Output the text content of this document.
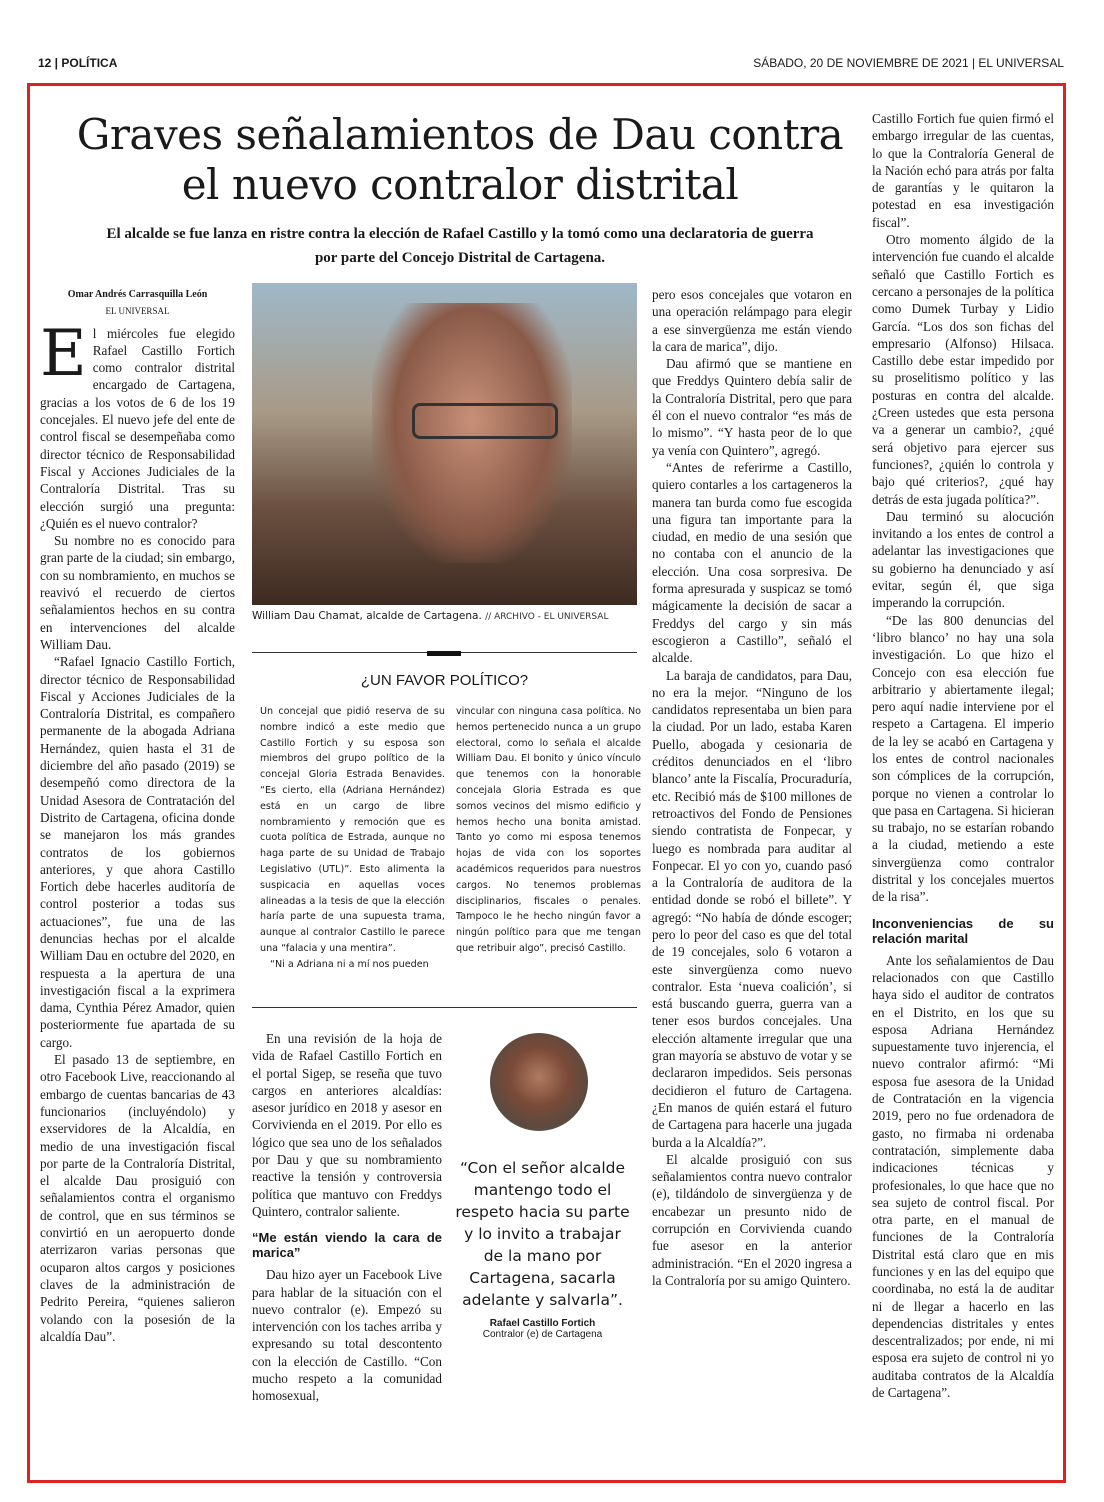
12 | POLÍTICA	SÁBADO, 20 DE NOVIEMBRE DE 2021 | EL UNIVERSAL
Graves señalamientos de Dau contra el nuevo contralor distrital
El alcalde se fue lanza en ristre contra la elección de Rafael Castillo y la tomó como una declaratoria de guerra por parte del Concejo Distrital de Cartagena.
Omar Andrés Carrasquilla León
EL UNIVERSAL
E l miércoles fue elegido Rafael Castillo Fortich como contralor distrital encargado de Cartagena, gracias a los votos de 6 de los 19 concejales. El nuevo jefe del ente de control fiscal se desempeñaba como director técnico de Responsabilidad Fiscal y Acciones Judiciales de la Contraloría Distrital. Tras su elección surgió una pregunta: ¿Quién es el nuevo contralor?

Su nombre no es conocido para gran parte de la ciudad; sin embargo, con su nombramiento, en muchos se reavivó el recuerdo de ciertos señalamientos hechos en su contra en intervenciones del alcalde William Dau.

“Rafael Ignacio Castillo Fortich, director técnico de Responsabilidad Fiscal y Acciones Judiciales de la Contraloría Distrital, es compañero permanente de la abogada Adriana Hernández, quien hasta el 31 de diciembre del año pasado (2019) se desempeñó como directora de la Unidad Asesora de Contratación del Distrito de Cartagena, oficina donde se manejaron los más grandes contratos de los gobiernos anteriores, y que ahora Castillo Fortich debe hacerles auditoría de control posterior a todas sus actuaciones”, fue una de las denuncias hechas por el alcalde William Dau en octubre del 2020, en respuesta a la apertura de una investigación fiscal a la exprimera dama, Cynthia Pérez Amador, quien posteriormente fue apartada de su cargo.

El pasado 13 de septiembre, en otro Facebook Live, reaccionando al embargo de cuentas bancarias de 43 funcionarios (incluyéndolo) y exservidores de la Alcaldía, en medio de una investigación fiscal por parte de la Contraloría Distrital, el alcalde Dau prosiguió con señalamientos contra el organismo de control, que en sus términos se convirtió en un aeropuerto donde aterrizaron varias personas que ocuparon altos cargos y posiciones claves de la administración de Pedrito Pereira, “quienes salieron volando con la posesión de la alcaldía Dau”.

William Dau Chamat, alcalde de Cartagena. // ARCHIVO - EL UNIVERSAL
¿UN FAVOR POLÍTICO?

Un concejal que pidió reserva de su nombre indicó a este medio que Castillo Fortich y su esposa son miembros del grupo político de la concejal Gloria Estrada Benavides. “Es cierto, ella (Adriana Hernández) está en un cargo de libre nombramiento y remoción que es cuota política de Estrada, aunque no haga parte de su Unidad de Trabajo Legislativo (UTL)”. Esto alimenta la suspicacia en aquellas voces alineadas a la tesis de que la elección haría parte de una supuesta trama, aunque al contralor Castillo le parece una “falacia y una mentira”.

“Ni a Adriana ni a mí nos pueden

vincular con ninguna casa política. No hemos pertenecido nunca a un grupo electoral, como lo señala el alcalde William Dau. El bonito y único vínculo que tenemos con la honorable concejala Gloria Estrada es que somos vecinos del mismo edificio y hemos hecho una bonita amistad. Tanto yo como mi esposa tenemos hojas de vida con los soportes académicos requeridos para nuestros cargos. No tenemos problemas disciplinarios, fiscales o penales. Tampoco le he hecho ningún favor a ningún político para que me tengan que retribuir algo”, precisó Castillo.

En una revisión de la hoja de vida de Rafael Castillo Fortich en el portal Sigep, se reseña que tuvo cargos en anteriores alcaldías: asesor jurídico en 2018 y asesor en Corvivienda en el 2019. Por ello es lógico que sea uno de los señalados por Dau y que su nombramiento reactive la tensión y controversia política que mantuvo con Freddys Quintero, contralor saliente.

“Me están viendo la cara de marica”

Dau hizo ayer un Facebook Live para hablar de la situación con el nuevo contralor (e). Empezó su intervención con los taches arriba y expresando su total descontento con la elección de Castillo. “Con mucho respeto a la comunidad homosexual,

“Con el señor alcalde mantengo todo el respeto hacia su parte y lo invito a trabajar de la mano por Cartagena, sacarla adelante y salvarla”.
Rafael Castillo Fortich
Contralor (e) de Cartagena

pero esos concejales que votaron en una operación relámpago para elegir a ese sinvergüenza me están viendo la cara de marica”, dijo.

Dau afirmó que se mantiene en que Freddys Quintero debía salir de la Contraloría Distrital, pero que para él con el nuevo contralor “es más de lo mismo”. “Y hasta peor de lo que ya venía con Quintero”, agregó.

“Antes de referirme a Castillo, quiero contarles a los cartageneros la manera tan burda como fue escogida una figura tan importante para la ciudad, en medio de una sesión que no contaba con el anuncio de la elección. Una cosa sorpresiva. De forma apresurada y suspicaz se tomó mágicamente la decisión de sacar a Freddys del cargo y sin más escogieron a Castillo”, señaló el alcalde.

La baraja de candidatos, para Dau, no era la mejor. “Ninguno de los candidatos representaba un bien para la ciudad. Por un lado, estaba Karen Puello, abogada y cesionaria de créditos denunciados en el ‘libro blanco’ ante la Fiscalía, Procuraduría, etc. Recibió más de $100 millones de retroactivos del Fondo de Pensiones siendo contratista de Fonpecar, y luego es nombrada para auditar al Fonpecar. El yo con yo, cuando pasó a la Contraloría de auditora de la entidad donde se robó el billete”. Y agregó: “No había de dónde escoger; pero lo peor del caso es que del total de 19 concejales, solo 6 votaron a este sinvergüenza como nuevo contralor. Esta ‘nueva coalición’, si está buscando guerra, guerra van a tener esos burdos concejales. Una elección altamente irregular que una gran mayoría se abstuvo de votar y se declararon impedidos. Seis personas decidieron el futuro de Cartagena. ¿En manos de quién estará el futuro de Cartagena para hacerle una jugada burda a la Alcaldía?”.

El alcalde prosiguió con sus señalamientos contra nuevo contralor (e), tildándolo de sinvergüenza y de encabezar un presunto nido de corrupción en Corvivienda cuando fue asesor en la anterior administración. “En el 2020 ingresa a la Contraloría por su amigo Quintero.

Castillo Fortich fue quien firmó el embargo irregular de las cuentas, lo que la Contraloría General de la Nación echó para atrás por falta de garantías y le quitaron la potestad en esa investigación fiscal”.

Otro momento álgido de la intervención fue cuando el alcalde señaló que Castillo Fortich es cercano a personajes de la política como Dumek Turbay y Lidio García. “Los dos son fichas del empresario (Alfonso) Hilsaca. Castillo debe estar impedido por su proselitismo político y las posturas en contra del alcalde. ¿Creen ustedes que esta persona va a generar un cambio?, ¿qué será objetivo para ejercer sus funciones?, ¿quién lo controla y bajo qué criterios?, ¿qué hay detrás de esta jugada política?”.

Dau terminó su alocución invitando a los entes de control a adelantar las investigaciones que su gobierno ha denunciado y así evitar, según él, que siga imperando la corrupción.

“De las 800 denuncias del ‘libro blanco’ no hay una sola investigación. Lo que hizo el Concejo con esa elección fue arbitrario y abiertamente ilegal; pero aquí nadie interviene por el respeto a Cartagena. El imperio de la ley se acabó en Cartagena y los entes de control nacionales son cómplices de la corrupción, porque no vienen a controlar lo que pasa en Cartagena. Si hicieran su trabajo, no se estarían robando a la ciudad, metiendo a este sinvergüenza como contralor distrital y los concejales muertos de la risa”.

Inconveniencias de su relación marital

Ante los señalamientos de Dau relacionados con que Castillo haya sido el auditor de contratos en el Distrito, en los que su esposa Adriana Hernández supuestamente tuvo injerencia, el nuevo contralor afirmó: “Mi esposa fue asesora de la Unidad de Contratación en la vigencia 2019, pero no fue ordenadora de gasto, no firmaba ni ordenaba contratación, simplemente daba indicaciones técnicas y profesionales, lo que hace que no sea sujeto de control fiscal. Por otra parte, en el manual de funciones de la Contraloría Distrital está claro que en mis funciones y en las del equipo que coordinaba, no está la de auditar ni de llegar a hacerlo en las dependencias distritales y entes descentralizados; por ende, ni mi esposa era sujeto de control ni yo auditaba contratos de la Alcaldía de Cartagena”.
